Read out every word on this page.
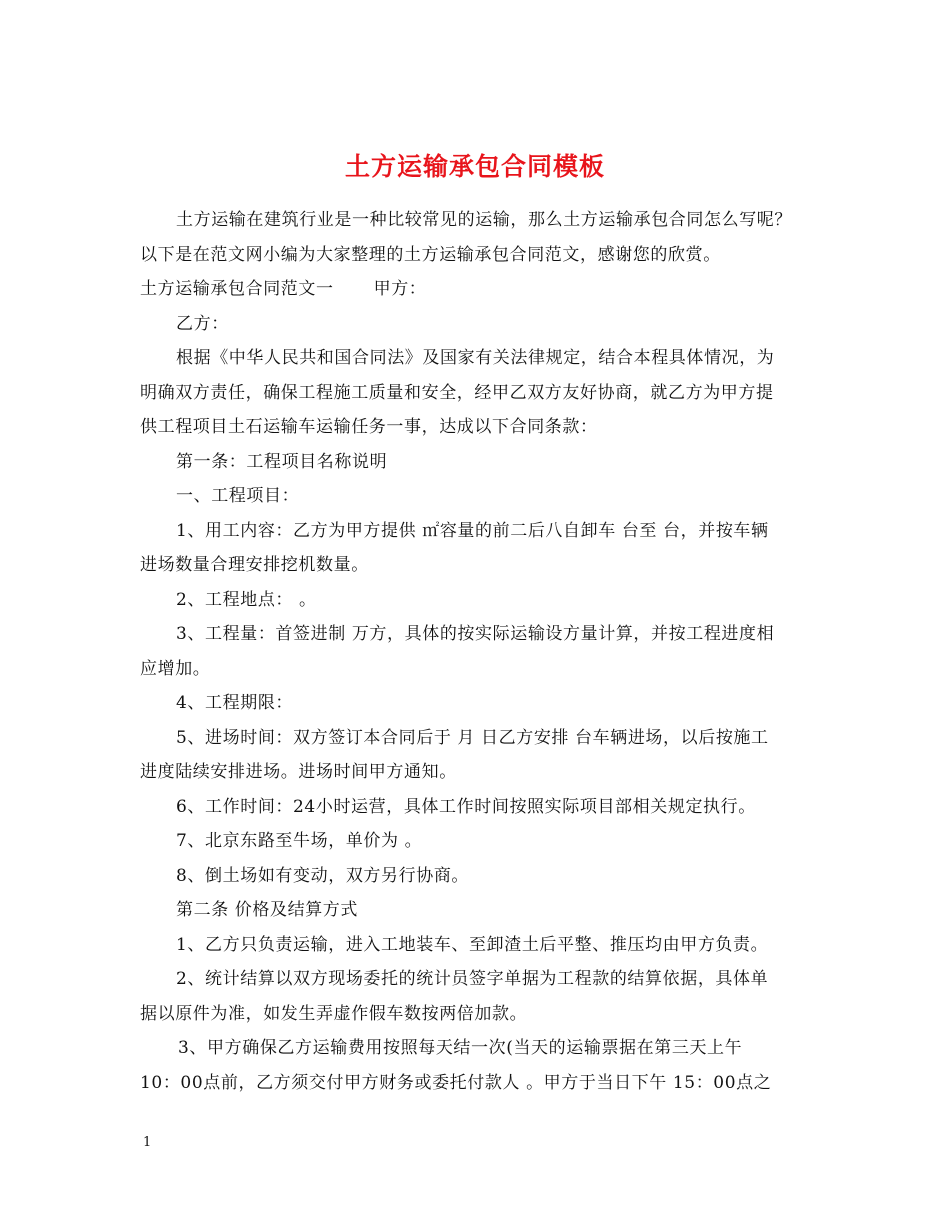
土方运输承包合同模板

土方运输在建筑行业是一种比较常见的运输，那么土方运输承包合同怎么写呢？

以下是在范文网小编为大家整理的土方运输承包合同范文，感谢您的欣赏。

土方运输承包合同范文一 甲方：

乙方：

根据《中华人民共和国合同法》及国家有关法律规定，结合本程具体情况，为

明确双方责任，确保工程施工质量和安全，经甲乙双方友好协商，就乙方为甲方提

供工程项目土石运输车运输任务一事，达成以下合同条款：

第一条：工程项目名称说明

一、工程项目：

1、用工内容：乙方为甲方提供 ㎡容量的前二后八自卸车 台至 台，并按车辆

进场数量合理安排挖机数量。

2、工程地点： 。

3、工程量：首签进制 万方，具体的按实际运输设方量计算，并按工程进度相

应增加。

4、工程期限：

5、进场时间：双方签订本合同后于 月 日乙方安排 台车辆进场，以后按施工

进度陆续安排进场。进场时间甲方通知。

6、工作时间：24小时运营，具体工作时间按照实际项目部相关规定执行。

7、北京东路至牛场，单价为 。

8、倒土场如有变动，双方另行协商。

第二条 价格及结算方式

1、乙方只负责运输，进入工地装车、至卸渣土后平整、推压均由甲方负责。

2、统计结算以双方现场委托的统计员签字单据为工程款的结算依据，具体单

据以原件为准，如发生弄虚作假车数按两倍加款。

3、甲方确保乙方运输费用按照每天结一次(当天的运输票据在第三天上午

10：00点前，乙方须交付甲方财务或委托付款人 。甲方于当日下午 15：00点之

1
